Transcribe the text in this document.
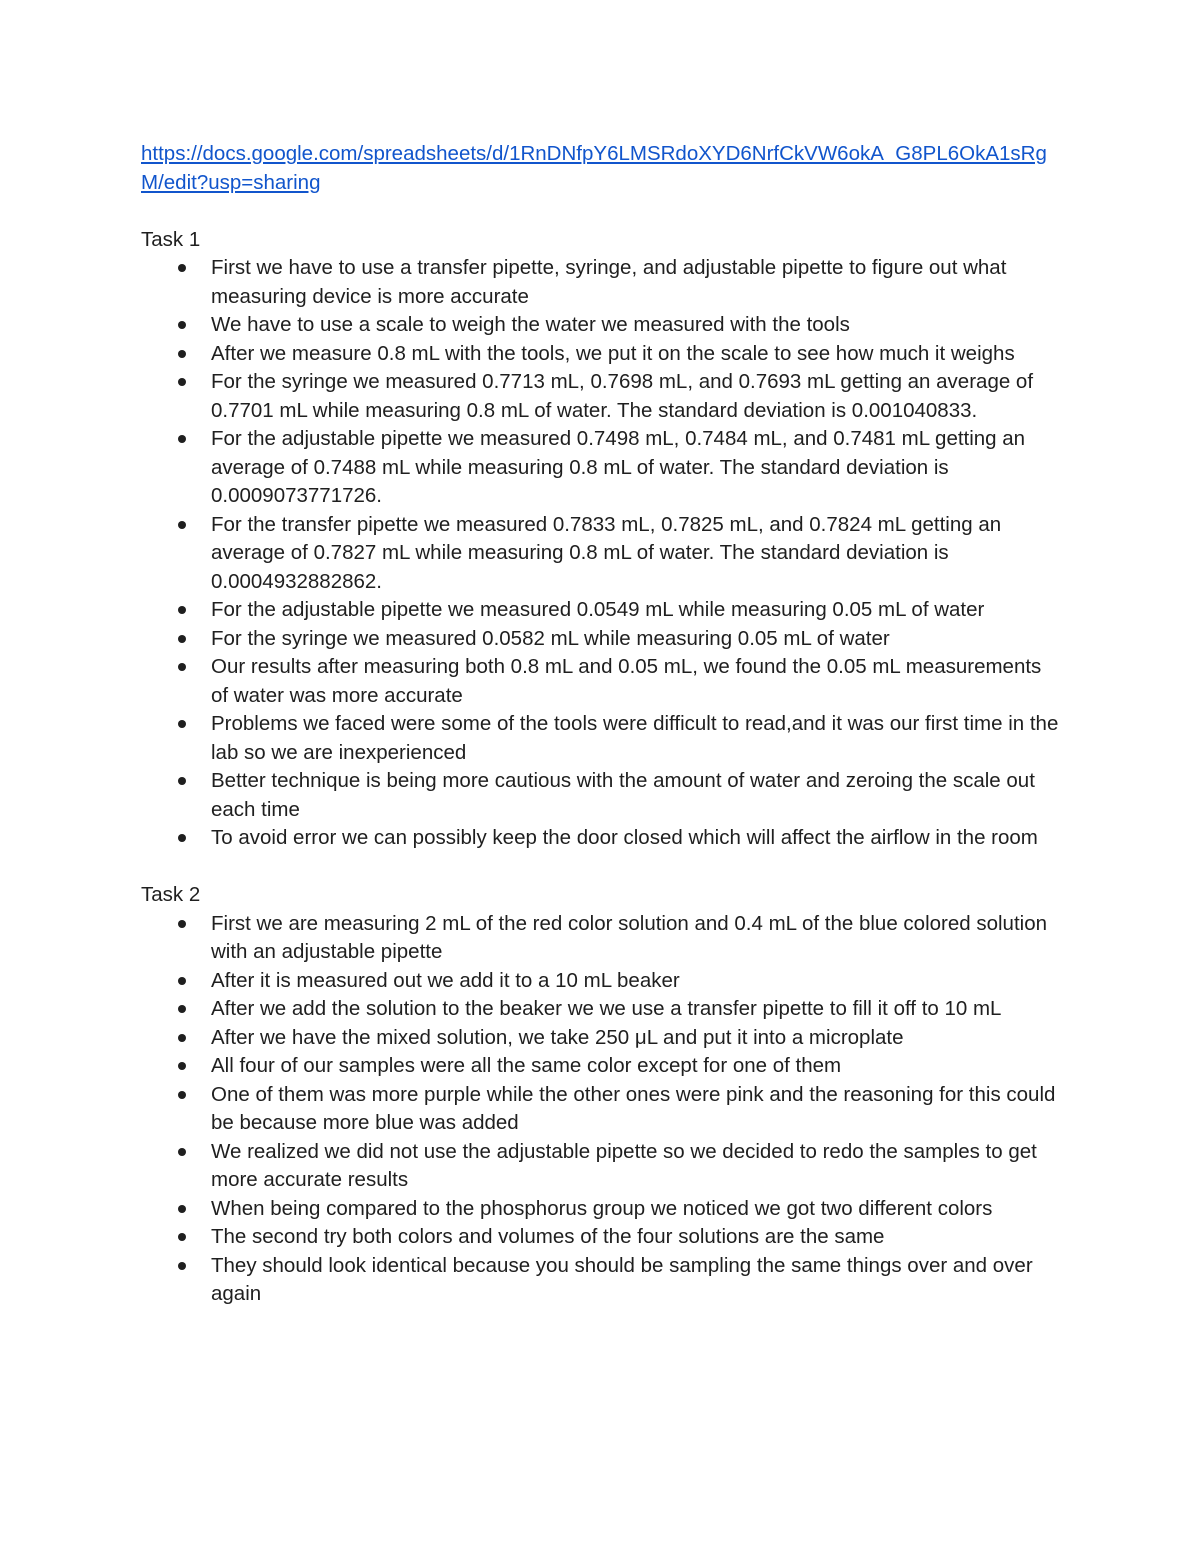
https://docs.google.com/spreadsheets/d/1RnDNfpY6LMSRdoXYD6NrfCkVW6okA_G8PL6OkA1sRgM/edit?usp=sharing
Task 1
First we have to use a transfer pipette, syringe, and adjustable pipette to figure out what measuring device is more accurate
We have to use a scale to weigh the water we measured with the tools
After we measure 0.8 mL with the tools, we put it on the scale to see how much it weighs
For the syringe we measured 0.7713 mL, 0.7698 mL, and 0.7693 mL getting an average of 0.7701 mL while measuring 0.8 mL of water. The standard deviation is 0.001040833.
For the adjustable pipette we measured 0.7498 mL, 0.7484 mL, and 0.7481 mL getting an average of 0.7488 mL while measuring 0.8 mL of water. The standard deviation is 0.0009073771726.
For the transfer pipette we measured 0.7833 mL, 0.7825 mL, and 0.7824 mL getting an average of 0.7827 mL while measuring 0.8 mL of water. The standard deviation is 0.0004932882862.
For the adjustable pipette we measured 0.0549 mL while measuring 0.05 mL of water
For the syringe we measured 0.0582 mL while measuring 0.05 mL of water
Our results after measuring both 0.8 mL and 0.05 mL, we found the 0.05 mL measurements of water was more accurate
Problems we faced were some of the tools were difficult to read,and it was our first time in the lab so we are inexperienced
Better technique is being more cautious with the amount of water and zeroing the scale out each time
To avoid error we can possibly keep the door closed which will affect the airflow in the room
Task 2
First we are measuring 2 mL of the red color solution and 0.4 mL of the blue colored solution with an adjustable pipette
After it is measured out we add it to a 10 mL beaker
After we add the solution to the beaker we we use a transfer pipette to fill it off to 10 mL
After we have the mixed solution, we take 250 μL and put it into a microplate
All four of our samples were all the same color except for one of them
One of them was more purple while the other ones were pink and the reasoning for this could be because more blue was added
We realized we did not use the adjustable pipette so we decided to redo the samples to get more accurate results
When being compared to the phosphorus group we noticed we got two different colors
The second try both colors and volumes of the four solutions are the same
They should look identical because you should be sampling the same things over and over again
